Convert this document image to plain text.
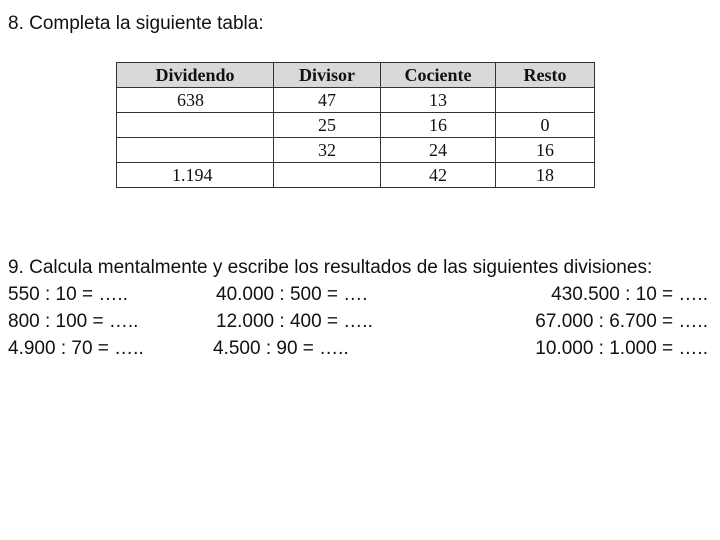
8. Completa la siguiente tabla:
Dividendo	Divisor	Cociente	Resto
638	47	13	
	25	16	0
	32	24	16
1.194		42	18
9. Calcula mentalmente y escribe los resultados de las siguientes divisiones:
550 : 10 = …..	40.000 : 500 = ….	430.500 : 10 = …..
800 : 100 = …..	12.000 : 400 = …..	67.000 : 6.700 = …..
4.900 : 70 = …..	4.500 : 90 = …..	10.000 : 1.000 = …..
